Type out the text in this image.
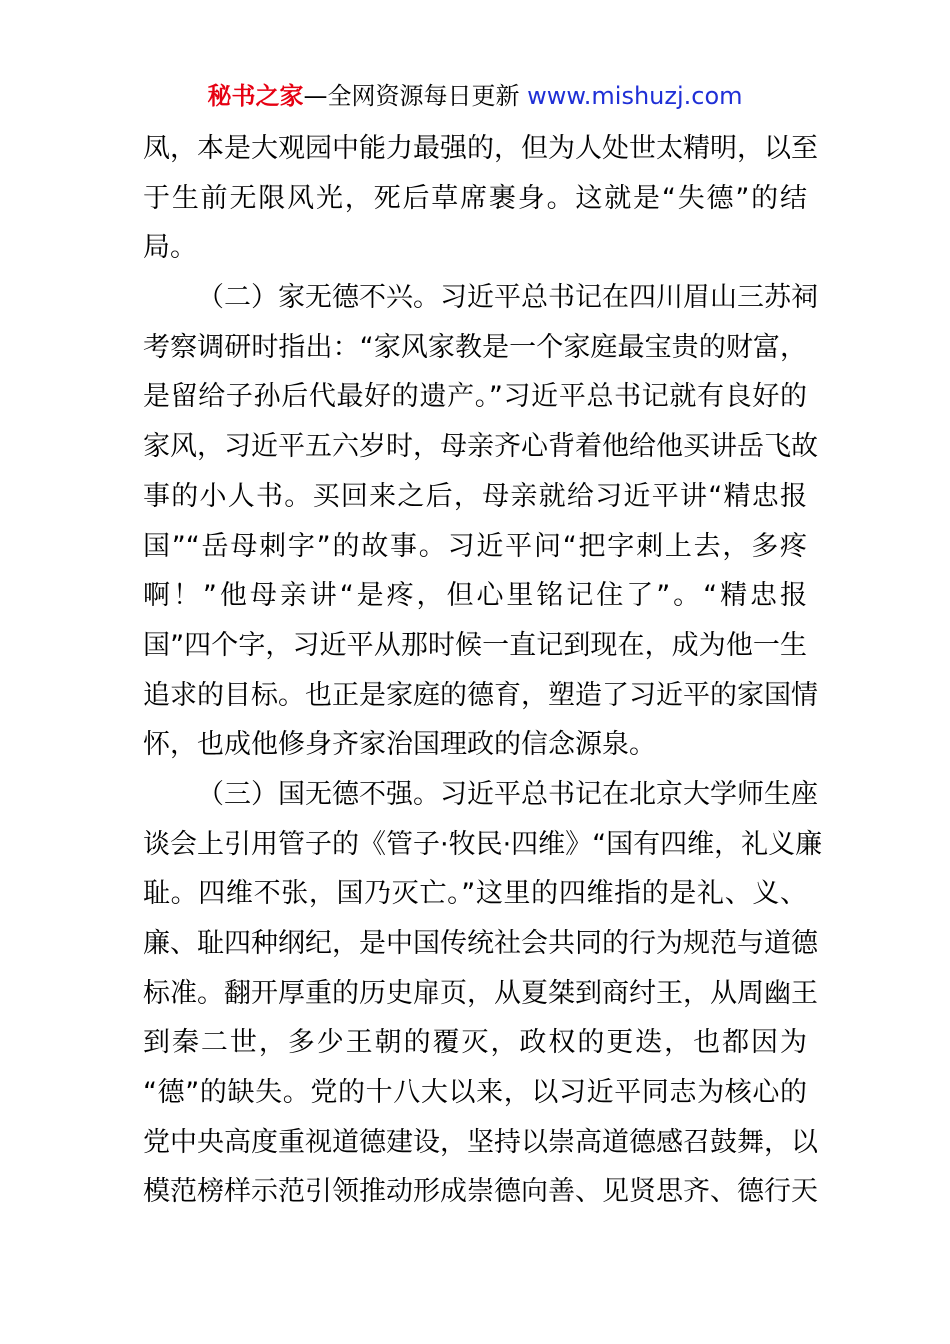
秘书之家—全网资源每日更新 www.mishuzj.com
凤，本是大观园中能力最强的，但为人处世太精明，以至
于生前无限风光，死后草席裹身。这就是“失德”的结
局。
（二）家无德不兴。习近平总书记在四川眉山三苏祠
考察调研时指出：“家风家教是一个家庭最宝贵的财富，
是留给子孙后代最好的遗产。”习近平总书记就有良好的
家风，习近平五六岁时，母亲齐心背着他给他买讲岳飞故
事的小人书。买回来之后，母亲就给习近平讲“精忠报
国”“岳母刺字”的故事。习近平问“把字刺上去，多疼
啊！”他母亲讲“是疼，但心里铭记住了”。“精忠报
国”四个字，习近平从那时候一直记到现在，成为他一生
追求的目标。也正是家庭的德育，塑造了习近平的家国情
怀，也成他修身齐家治国理政的信念源泉。
（三）国无德不强。习近平总书记在北京大学师生座
谈会上引用管子的《管子·牧民·四维》“国有四维，礼义廉
耻。四维不张，国乃灭亡。”这里的四维指的是礼、义、
廉、耻四种纲纪，是中国传统社会共同的行为规范与道德
标准。翻开厚重的历史扉页，从夏桀到商纣王，从周幽王
到秦二世，多少王朝的覆灭，政权的更迭，也都因为
“德”的缺失。党的十八大以来，以习近平同志为核心的
党中央高度重视道德建设，坚持以崇高道德感召鼓舞，以
模范榜样示范引领推动形成崇德向善、见贤思齐、德行天
